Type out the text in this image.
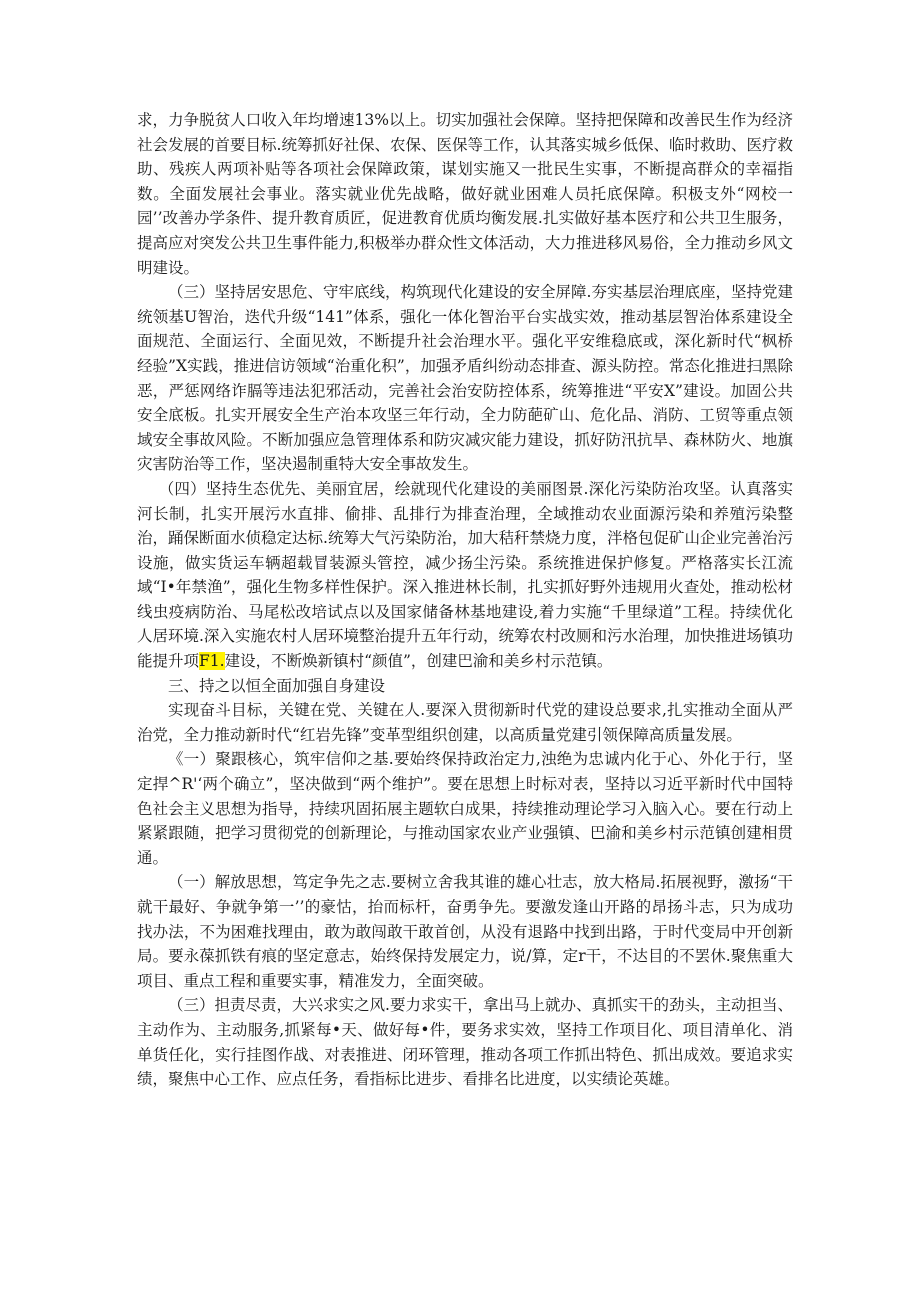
求，力争脱贫人口收入年均增速13%以上。切实加强社会保障。坚持把保障和改善民生作为经济社会发展的首要目标.统筹抓好社保、农保、医保等工作，认其落实城乡低保、临时救助、医疗救助、残疾人两项补贴等各项社会保障政策，谋划实施又一批民生实事，不断提高群众的幸福指数。全面发展社会事业。落实就业优先战略，做好就业困难人员托底保障。积极支外“网校一园’’改善办学条件、提升教育质匠，促进教育优质均衡发展.扎实做好基本医疗和公共卫生服务，提高应对突发公共卫生事件能力,积极举办群众性文体活动，大力推进移风易俗，全力推动乡风文明建设。

（三）坚持居安思危、守牢底线，构筑现代化建设的安全屏障.夯实基层治理底座，坚持党建统领基U智治，迭代升级“141”体系，强化一体化智治平台实战实效，推动基层智治体系建设全面规范、全面运行、全面见效，不断提升社会治理水平。强化平安维稳底或，深化新时代“枫桥经验”X实践，推进信访领域“治重化积”，加强矛盾纠纷动态排查、源头防控。常态化推进扫黑除恶，严惩网络诈膈等违法犯邪活动，完善社会治安防控体系，统筹推进“平安X”建设。加固公共安全底板。扎实开展安全生产治本攻坚三年行动，全力防葩矿山、危化品、消防、工贸等重点领域安全事故风险。不断加强应急管理体系和防灾减灾能力建设，抓好防汛抗旱、森林防火、地旗灾害防治等工作，坚决遏制重特大安全事故发生。

（四）坚持生态优先、美丽宜居，绘就现代化建设的美丽图景.深化污染防治攻坚。认真落实河长制，扎实开展污水直排、偷排、乱排行为排查治理，全域推动农业面源污染和养殖污染整治，踊保断面水侦稳定达标.统筹大气污染防治，加大秸秆禁烧力度，泮格包促矿山企业完善治污设施，做实货运车辆超载冒装源头管控，减少扬尘污染。系统推进保护修复。严格落实长江流域“I•年禁渔”，强化生物多样性保护。深入推进林长制，扎实抓好野外违规用火查处，推动松材线虫疫病防治、马尾松改培试点以及国家储备林基地建设,着力实施“千里绿道”工程。持续优化人居环境.深入实施农村人居环境整治提升五年行动，统筹农村改厕和污水治理，加快推进场镇功能提升项F1.建设，不断焕新镇村“颜值”，创建巴渝和美乡村示范镇。

三、持之以恒全面加强自身建设

实现奋斗目标，关键在党、关键在人.要深入贯彻新时代党的建设总要求,扎实推动全面从严治党，全力推动新时代“红岩先锋”变革型组织创建，以高质量党建引领保障高质量发展。

《一）聚跟核心，筑牢信仰之基.要始终保持政治定力,浊绝为忠诚内化于心、外化于行，坚定捍^R'‘两个确立”，坚决做到“两个维护”。要在思想上时标对表，坚持以习近平新时代中国特色社会主义思想为指导，持续巩固拓展主题软白成果，持续推动理论学习入脑入心。要在行动上紧紧跟随，把学习贯彻党的创新理论，与推动国家农业产业强镇、巴渝和美乡村示范镇创建相贯通。

（一）解放思想，笃定争先之志.要树立舍我其谁的雄心壮志，放大格局.拓展视野，激扬“干就干最好、争就争第一’’的豪怙，抬而标杆，奋勇争先。要激发逢山开路的昂扬斗志，只为成功找办法，不为困难找理由，敢为敢闯敢干敢首创，从没有退路中找到出路，于时代变局中开创新局。要永葆抓铁有痕的坚定意志，始终保持发展定力，说/算，定r干，不达目的不罢休.聚焦重大项目、重点工程和重要实事，精准发力，全面突破。

（三）担责尽责，大兴求实之风.要力求实干，拿出马上就办、真抓实干的劲头，主动担当、主动作为、主动服务,抓紧每•天、做好每•件，要务求实效，坚持工作项目化、项目清单化、消单货任化，实行挂图作战、对表推进、闭环管理，推动各项工作抓出特色、抓出成效。要追求实绩，聚焦中心工作、应点任务，看指标比进步、看排名比进度，以实绩论英雄。
